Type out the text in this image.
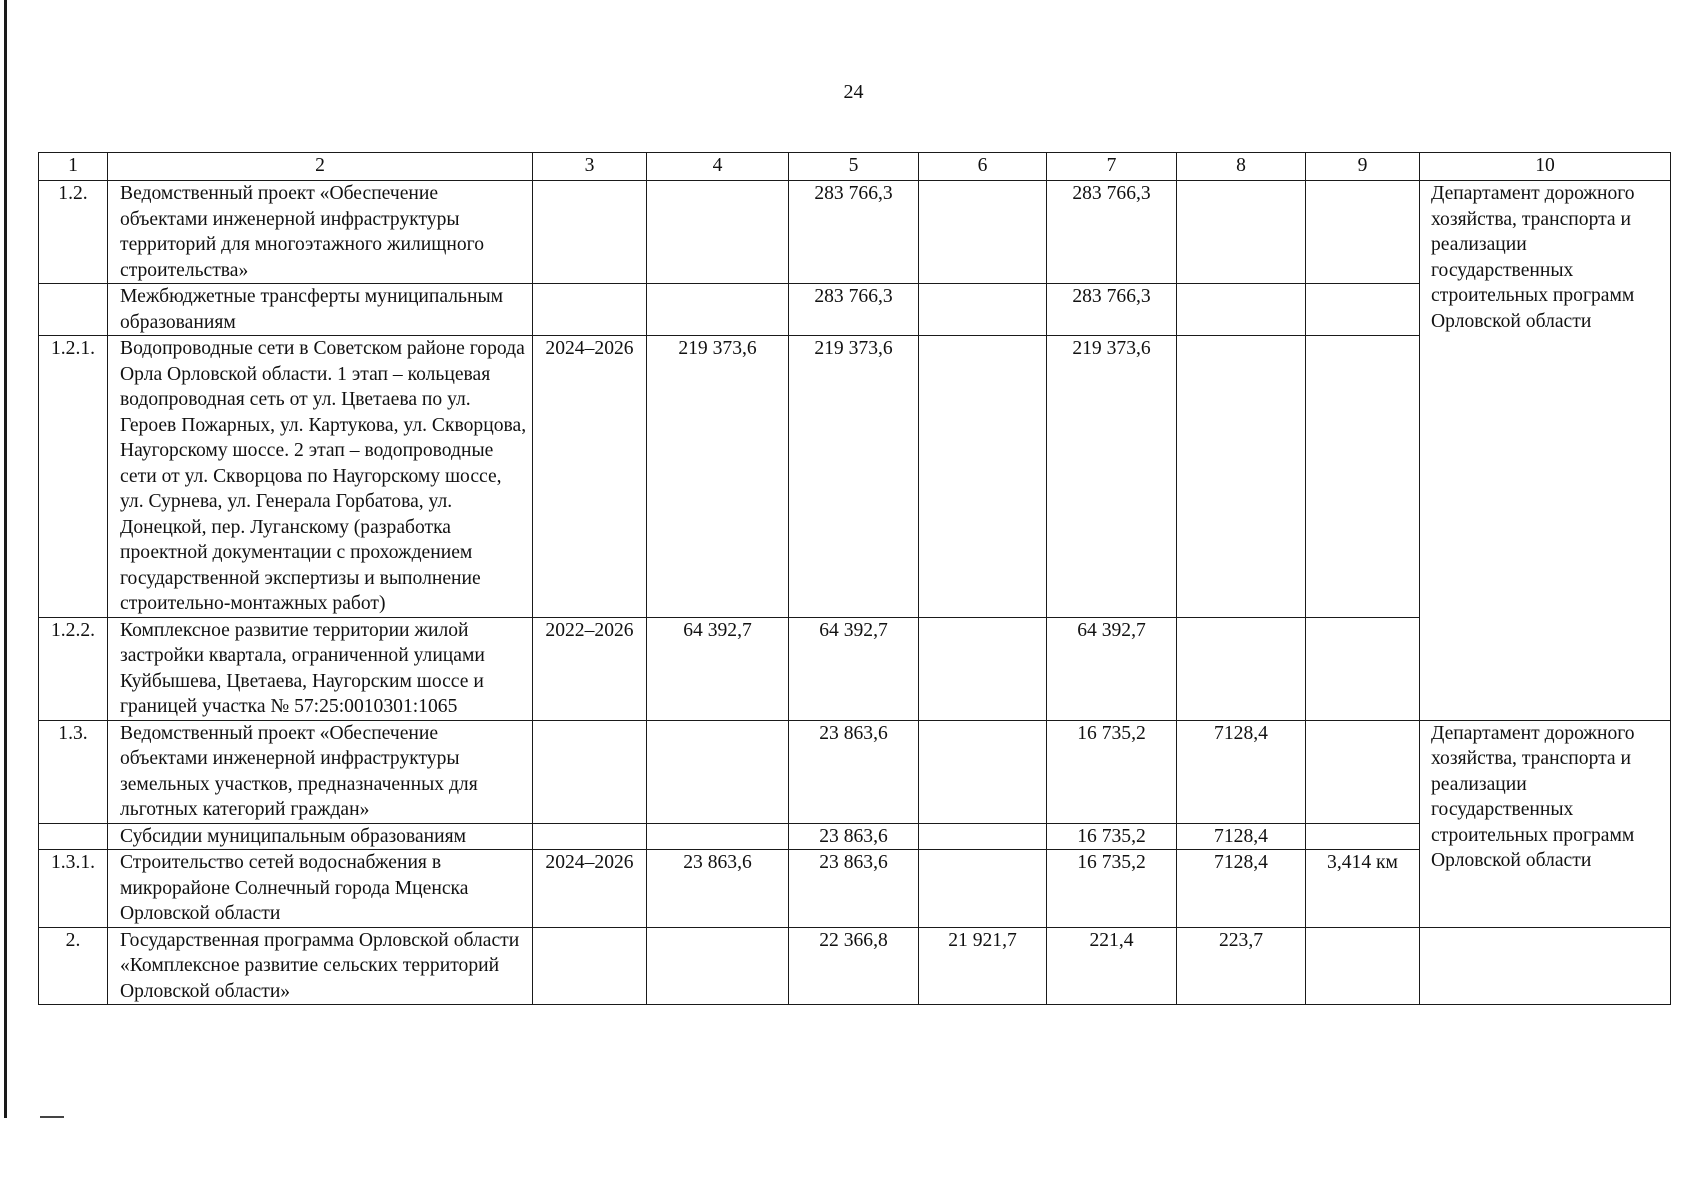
24
1	2	3	4	5	6	7	8	9	10
1.2.	Ведомственный проект «Обеспечение объектами инженерной инфраструктуры территорий для многоэтажного жилищного строительства»			283 766,3		283 766,3			Департамент дорожного хозяйства, транспорта и реализации государственных строительных программ Орловской области
	Межбюджетные трансферты муниципальным образованиям			283 766,3		283 766,3			
1.2.1.	Водопроводные сети в Советском районе города Орла Орловской области. 1 этап – кольцевая водопроводная сеть от ул. Цветаева по ул. Героев Пожарных, ул. Картукова, ул. Скворцова, Наугорскому шоссе. 2 этап – водопроводные сети от ул. Скворцова по Наугорскому шоссе, ул. Сурнева, ул. Генерала Горбатова, ул. Донецкой, пер. Луганскому (разработка проектной документации с прохождением государственной экспертизы и выполнение строительно-монтажных работ)	2024–2026	219 373,6	219 373,6		219 373,6			
1.2.2.	Комплексное развитие территории жилой застройки квартала, ограниченной улицами Куйбышева, Цветаева, Наугорским шоссе и границей участка № 57:25:0010301:1065	2022–2026	64 392,7	64 392,7		64 392,7			
1.3.	Ведомственный проект «Обеспечение объектами инженерной инфраструктуры земельных участков, предназначенных для льготных категорий граждан»			23 863,6		16 735,2	7128,4		Департамент дорожного хозяйства, транспорта и реализации государственных строительных программ Орловской области
	Субсидии муниципальным образованиям			23 863,6		16 735,2	7128,4		
1.3.1.	Строительство сетей водоснабжения в микрорайоне Солнечный города Мценска Орловской области	2024–2026	23 863,6	23 863,6		16 735,2	7128,4	3,414 км	
2.	Государственная программа Орловской области «Комплексное развитие сельских территорий Орловской области»			22 366,8	21 921,7	221,4	223,7		
